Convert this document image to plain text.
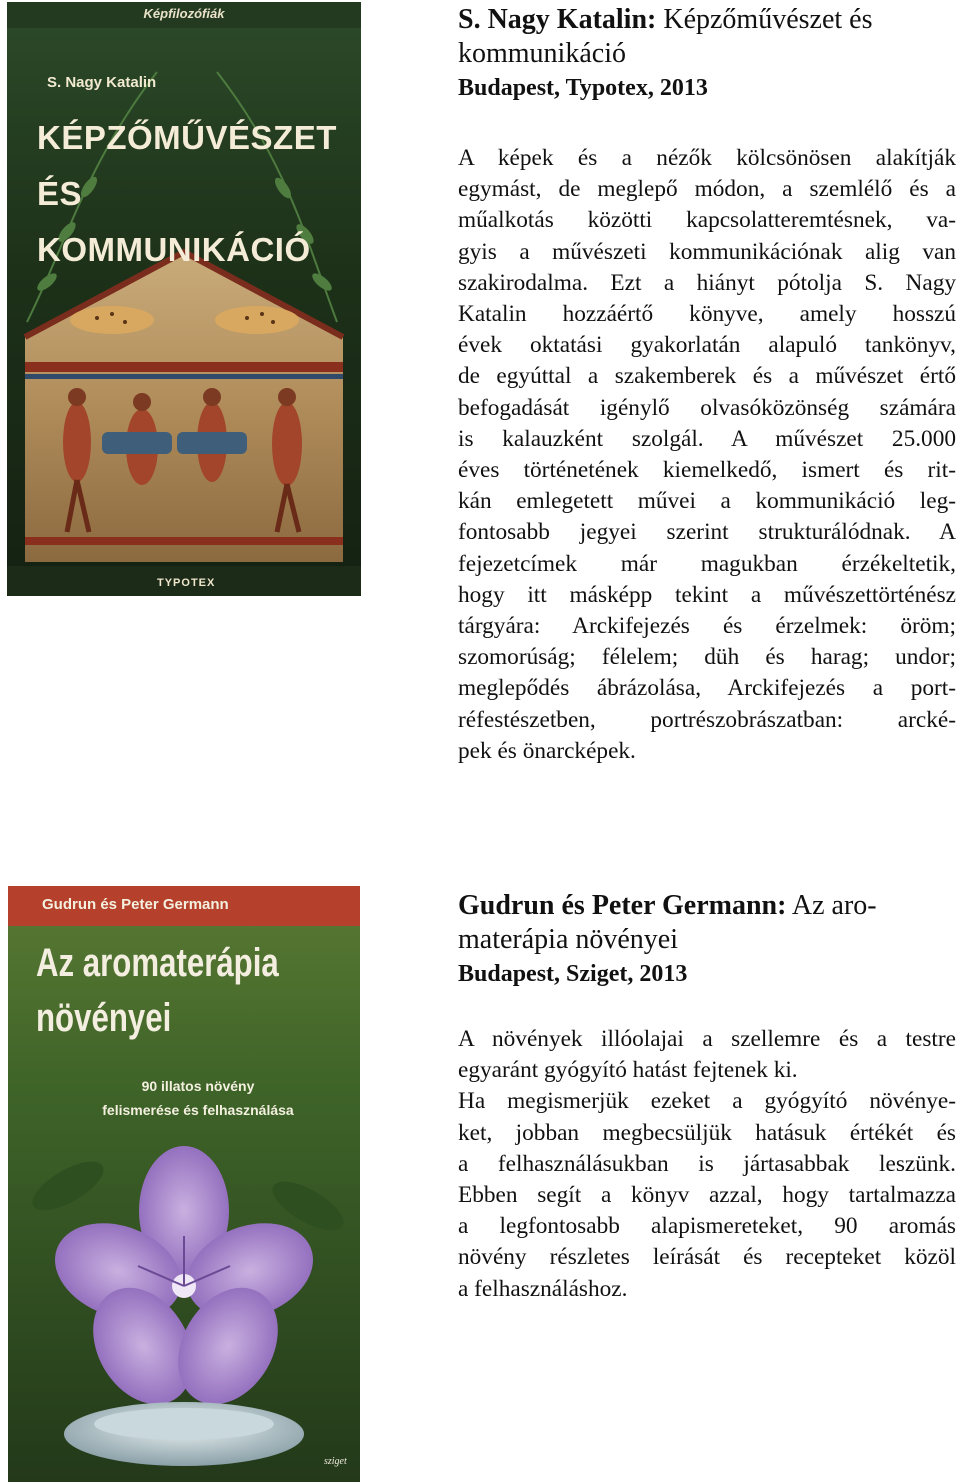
Képfilozófiák
S. Nagy Katalin
KÉPZŐMŰVÉSZET ÉS
KOMMUNIKÁCIÓ
TYPOTEX

S. Nagy Katalin: Képzőművészet és kommunikáció

Budapest, Typotex, 2013

A képek és a nézők kölcsönösen alakítják
egymást, de meglepő módon, a szemlélő és a
műalkotás közötti kapcsolatteremtésnek, va-
gyis a művészeti kommunikációnak alig van
szakirodalma. Ezt a hiányt pótolja S. Nagy
Katalin hozzáértő könyve, amely hosszú
évek oktatási gyakorlatán alapuló tankönyv,
de egyúttal a szakemberek és a művészet értő
befogadását igénylő olvasóközönség számára
is kalauzként szolgál. A művészet 25.000
éves történetének kiemelkedő, ismert és rit-
kán emlegetett művei a kommunikáció leg-
fontosabb jegyei szerint strukturálódnak. A
fejezetcímek már magukban érzékeltetik,
hogy itt másképp tekint a művészettörténész
tárgyára: Arckifejezés és érzelmek: öröm;
szomorúság; félelem; düh és harag; undor;
meglepődés ábrázolása, Arckifejezés a port-
réfestészetben, portrészobrászatban: arcké-
pek és önarcképek.
Gudrun és Peter Germann
Az aromaterápia
növényei
90 illatos növény
felismerése és felhasználása
sziget

Gudrun és Peter Germann: Az aro-
materápia növényei

Budapest, Sziget, 2013

A növények illóolajai a szellemre és a testre
egyaránt gyógyító hatást fejtenek ki.
Ha megismerjük ezeket a gyógyító növénye-
ket, jobban megbecsüljük hatásuk értékét és
a felhasználásukban is jártasabbak leszünk.
Ebben segít a könyv azzal, hogy tartalmazza
a legfontosabb alapismereteket, 90 aromás
növény részletes leírását és recepteket közöl
a felhasználáshoz.
